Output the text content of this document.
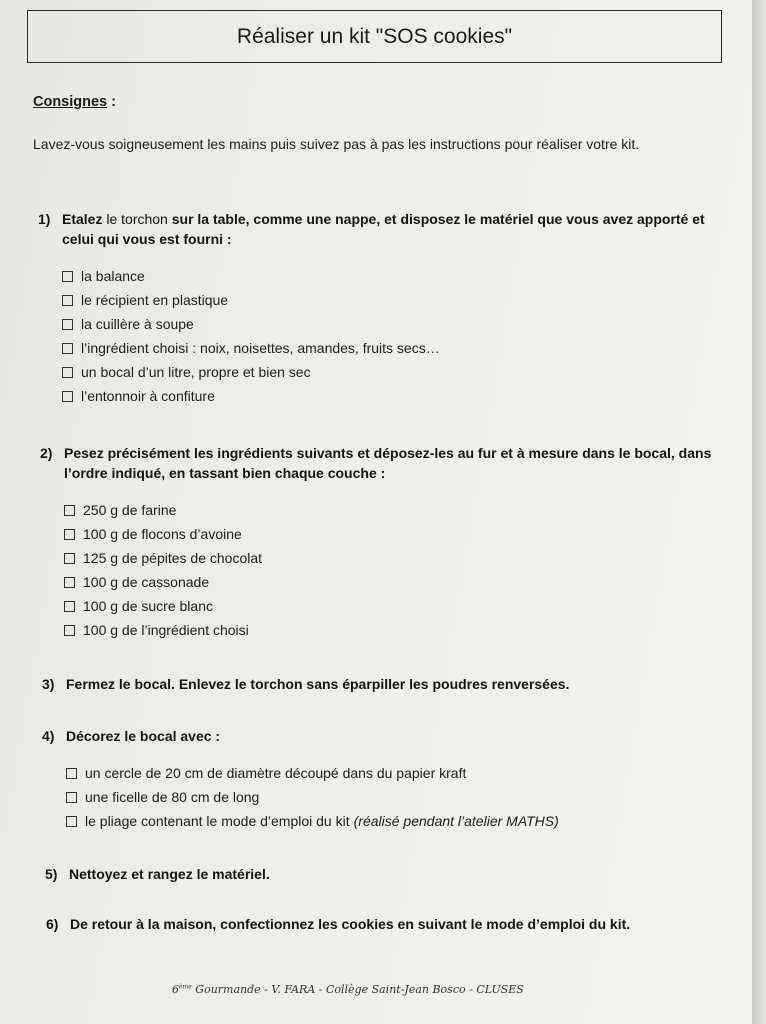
Réaliser un kit "SOS cookies"
Consignes :
Lavez-vous soigneusement les mains puis suivez pas à pas les instructions pour réaliser votre kit.
1) Etalez le torchon sur la table, comme une nappe, et disposez le matériel que vous avez apporté et celui qui vous est fourni :
la balance
le récipient en plastique
la cuillère à soupe
l’ingrédient choisi : noix, noisettes, amandes, fruits secs…
un bocal d’un litre, propre et bien sec
l’entonnoir à confiture
2) Pesez précisément les ingrédients suivants et déposez-les au fur et à mesure dans le bocal, dans l’ordre indiqué, en tassant bien chaque couche :
250 g de farine
100 g de flocons d’avoine
125 g de pépites de chocolat
100 g de cassonade
100 g de sucre blanc
100 g de l’ingrédient choisi
3) Fermez le bocal. Enlevez le torchon sans éparpiller les poudres renversées.
4) Décorez le bocal avec :
un cercle de 20 cm de diamètre découpé dans du papier kraft
une ficelle de 80 cm de long
le pliage contenant le mode d’emploi du kit (réalisé pendant l’atelier MATHS)
5) Nettoyez et rangez le matériel.
6) De retour à la maison, confectionnez les cookies en suivant le mode d’emploi du kit.
6ème Gourmande - V. FARA - Collège Saint-Jean Bosco - CLUSES
